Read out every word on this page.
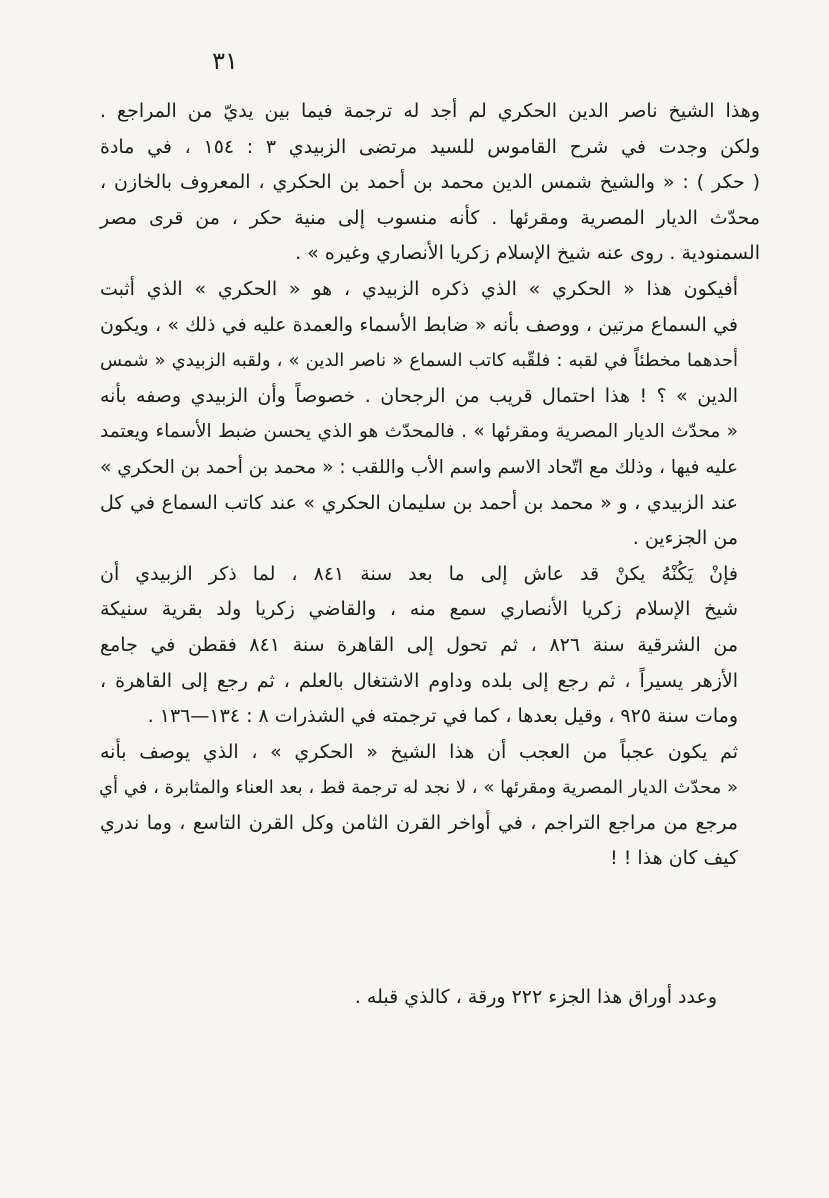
٣١

وهذا الشيخ ناصر الدين الحكري لم أجد له ترجمة فيما بين يديّ من المراجع .
ولكن وجدت في شرح القاموس للسيد مرتضى الزبيدي ٣ : ١٥٤ ، في مادة
( حكر ) : « والشيخ شمس الدين محمد بن أحمد بن الحكري ، المعروف بالخازن ،
محدّث الديار المصرية ومقرئها . كأنه منسوب إلى منية حكر ، من قرى مصر
السمنودية . روى عنه شيخ الإسلام زكريا الأنصاري وغيره » .

أفيكون هذا « الحكري » الذي ذكره الزبيدي ، هو « الحكري » الذي أثبت
في السماع مرتين ، ووصف بأنه « ضابط الأسماء والعمدة عليه في ذلك » ، ويكون
أحدهما مخطئاً في لقبه : فلقّبه كاتب السماع « ناصر الدين » ، ولقبه الزبيدي « شمس
الدين » ؟ ! هذا احتمال قريب من الرجحان . خصوصاً وأن الزبيدي وصفه بأنه
« محدّث الديار المصرية ومقرئها » . فالمحدّث هو الذي يحسن ضبط الأسماء ويعتمد
عليه فيها ، وذلك مع اتّحاد الاسم واسم الأب واللقب : « محمد بن أحمد بن الحكري »
عند الزبيدي ، و « محمد بن أحمد بن سليمان الحكري » عند كاتب السماع في كل
من الجزءين .

فإنْ يَكُنْهُ يكنْ قد عاش إلى ما بعد سنة ٨٤١ ، لما ذكر الزبيدي أن
شيخ الإسلام زكريا الأنصاري سمع منه ، والقاضي زكريا ولد بقرية سنيكة
من الشرقية سنة ٨٢٦ ، ثم تحول إلى القاهرة سنة ٨٤١ فقطن في جامع
الأزهر يسيراً ، ثم رجع إلى بلده وداوم الاشتغال بالعلم ، ثم رجع إلى القاهرة ،
ومات سنة ٩٢٥ ، وقيل بعدها ، كما في ترجمته في الشذرات ٨ : ١٣٤—١٣٦ .

ثم يكون عجباً من العجب أن هذا الشيخ « الحكري » ، الذي يوصف بأنه
« محدّث الديار المصرية ومقرئها » ، لا نجد له ترجمة قط ، بعد العناء والمثابرة ، في أي
مرجع من مراجع التراجم ، في أواخر القرن الثامن وكل القرن التاسع ، وما ندري
كيف كان هذا ! !

وعدد أوراق هذا الجزء ٢٢٢ ورقة ، كالذي قبله .
